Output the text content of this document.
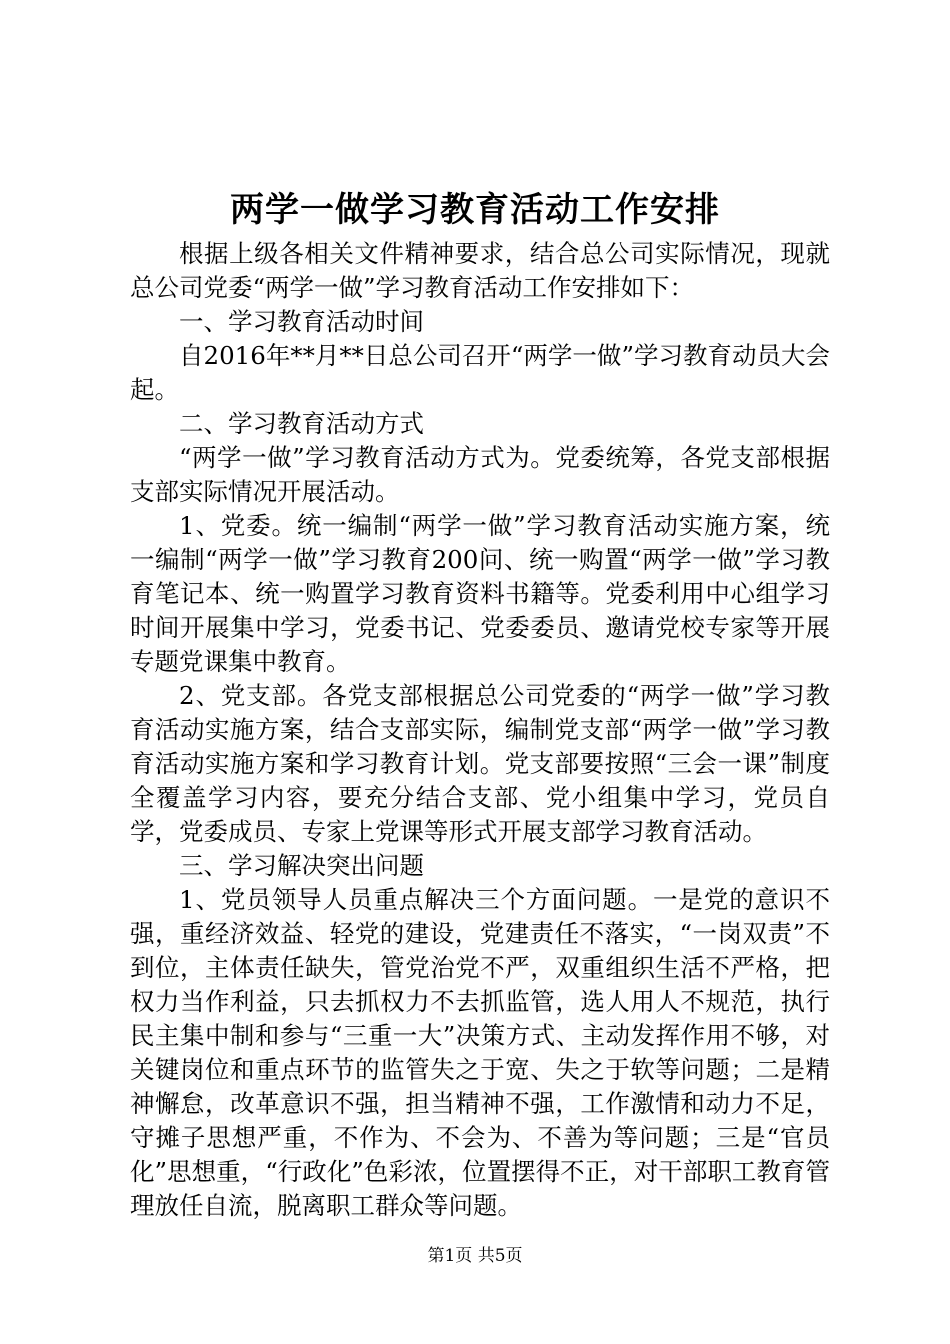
两学一做学习教育活动工作安排

根据上级各相关文件精神要求，结合总公司实际情况，现就总公司党委“两学一做”学习教育活动工作安排如下：

一、学习教育活动时间

自2016年**月**日总公司召开“两学一做”学习教育动员大会起。

二、学习教育活动方式

“两学一做”学习教育活动方式为。党委统筹，各党支部根据支部实际情况开展活动。

1、党委。统一编制“两学一做”学习教育活动实施方案，统一编制“两学一做”学习教育200问、统一购置“两学一做”学习教育笔记本、统一购置学习教育资料书籍等。党委利用中心组学习时间开展集中学习，党委书记、党委委员、邀请党校专家等开展专题党课集中教育。

2、党支部。各党支部根据总公司党委的“两学一做”学习教育活动实施方案，结合支部实际，编制党支部“两学一做”学习教育活动实施方案和学习教育计划。党支部要按照“三会一课”制度全覆盖学习内容，要充分结合支部、党小组集中学习，党员自学，党委成员、专家上党课等形式开展支部学习教育活动。

三、学习解决突出问题

1、党员领导人员重点解决三个方面问题。一是党的意识不强，重经济效益、轻党的建设，党建责任不落实，“一岗双责”不到位，主体责任缺失，管党治党不严，双重组织生活不严格，把权力当作利益，只去抓权力不去抓监管，选人用人不规范，执行民主集中制和参与“三重一大”决策方式、主动发挥作用不够，对关键岗位和重点环节的监管失之于宽、失之于软等问题；二是精神懈怠，改革意识不强，担当精神不强，工作激情和动力不足，守摊子思想严重，不作为、不会为、不善为等问题；三是“官员化”思想重，“行政化”色彩浓，位置摆得不正，对干部职工教育管理放任自流，脱离职工群众等问题。

第1页 共5页
